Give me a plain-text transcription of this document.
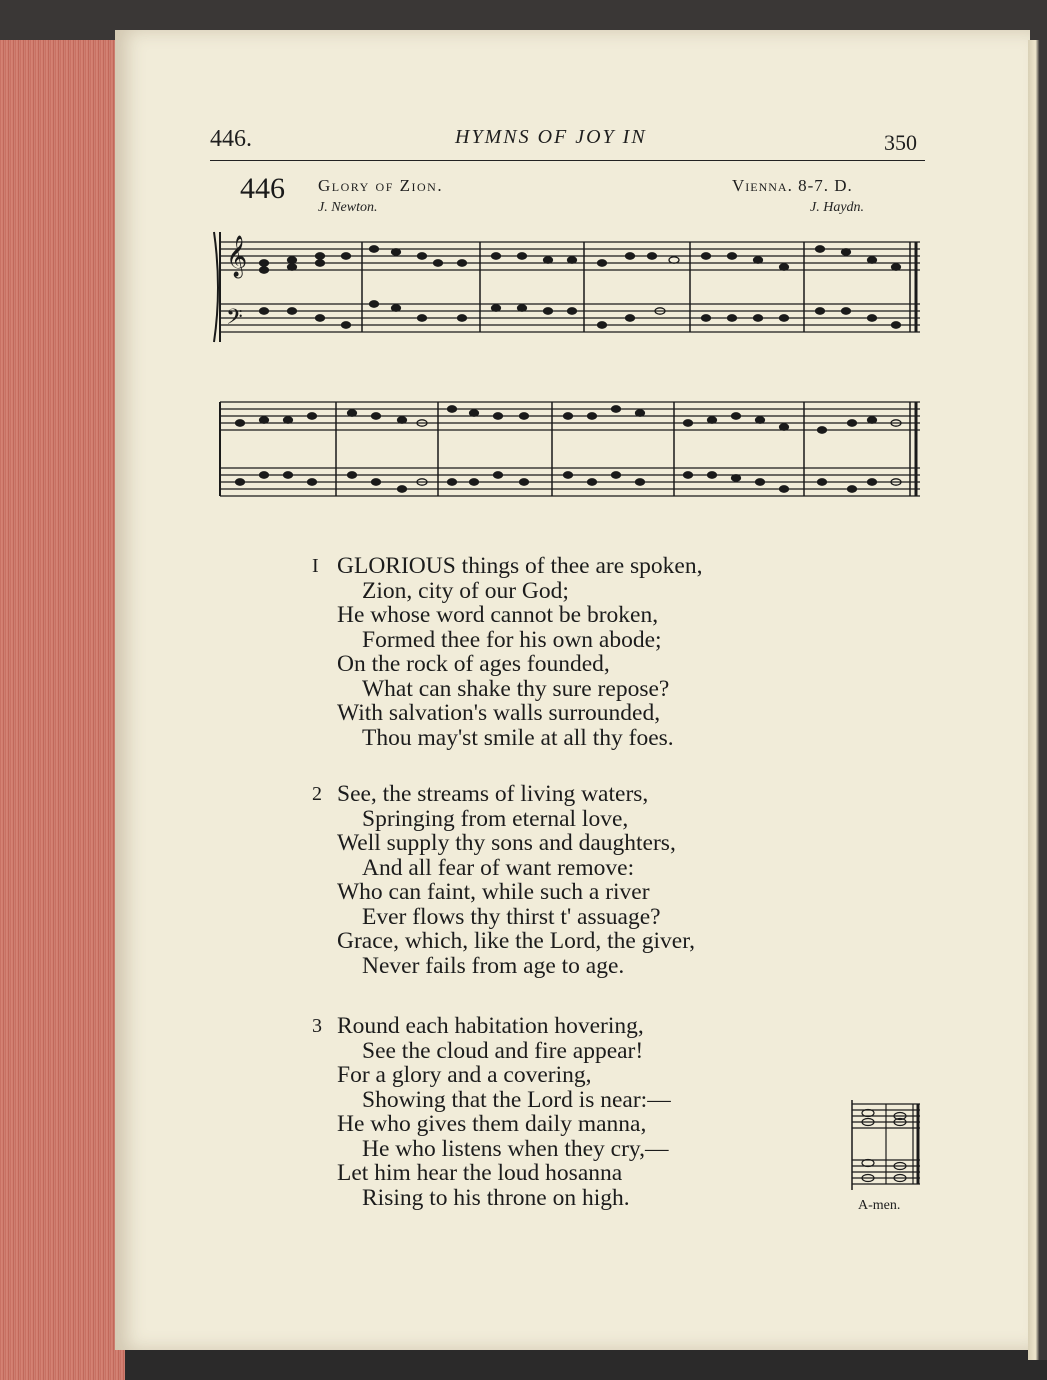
446.	HYMNS OF JOY IN	350
446 Glory of Zion.	Vienna. 8-7. D.
J. Newton.	J. Haydn.
𝄞
𝄢
I GLORIOUS things of thee are spoken,
Zion, city of our God;
He whose word cannot be broken,
Formed thee for his own abode;
On the rock of ages founded,
What can shake thy sure repose?
With salvation's walls surrounded,
Thou may'st smile at all thy foes.
2 See, the streams of living waters,
Springing from eternal love,
Well supply thy sons and daughters,
And all fear of want remove:
Who can faint, while such a river
Ever flows thy thirst t' assuage?
Grace, which, like the Lord, the giver,
Never fails from age to age.
3 Round each habitation hovering,
See the cloud and fire appear!
For a glory and a covering,
Showing that the Lord is near:—
He who gives them daily manna,
He who listens when they cry,—
Let him hear the loud hosanna
Rising to his throne on high.	A-men.
